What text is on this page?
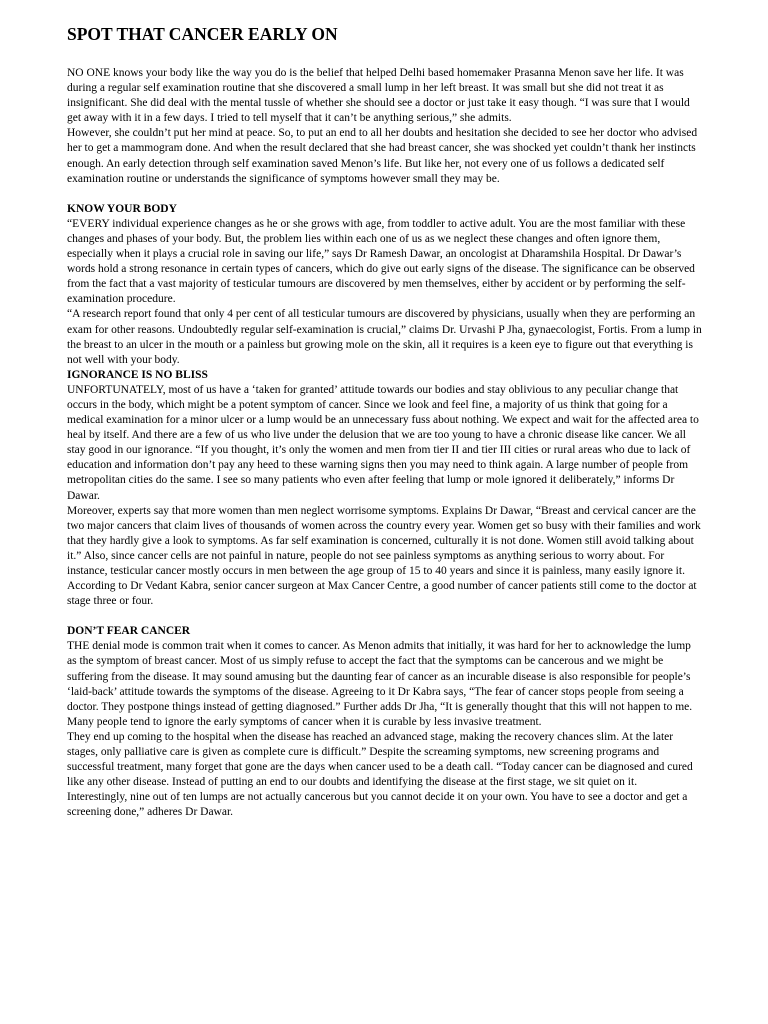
SPOT THAT CANCER EARLY ON

NO ONE knows your body like the way you do is the belief that helped Delhi based homemaker Prasanna Menon save her life. It was during a regular self examination routine that she discovered a small lump in her left breast. It was small but she did not treat it as insignificant. She did deal with the mental tussle of whether she should see a doctor or just take it easy though. “I was sure that I would get away with it in a few days. I tried to tell myself that it can’t be anything serious,” she admits.

However, she couldn’t put her mind at peace. So, to put an end to all her doubts and hesitation she decided to see her doctor who advised her to get a mammogram done. And when the result declared that she had breast cancer, she was shocked yet couldn’t thank her instincts enough. An early detection through self examination saved Menon’s life. But like her, not every one of us follows a dedicated self examination routine or understands the significance of symptoms however small they may be.

KNOW YOUR BODY

“EVERY individual experience changes as he or she grows with age, from toddler to active adult. You are the most familiar with these changes and phases of your body. But, the problem lies within each one of us as we neglect these changes and often ignore them, especially when it plays a crucial role in saving our life,” says Dr Ramesh Dawar, an oncologist at Dharamshila Hospital. Dr Dawar’s words hold a strong resonance in certain types of cancers, which do give out early signs of the disease. The significance can be observed from the fact that a vast majority of testicular tumours are discovered by men themselves, either by accident or by performing the self-examination procedure.

“A research report found that only 4 per cent of all testicular tumours are discovered by physicians, usually when they are performing an exam for other reasons. Undoubtedly regular self-examination is crucial,” claims Dr. Urvashi P Jha, gynaecologist, Fortis. From a lump in the breast to an ulcer in the mouth or a painless but growing mole on the skin, all it requires is a keen eye to figure out that everything is not well with your body.

IGNORANCE IS NO BLISS

UNFORTUNATELY, most of us have a ‘taken for granted’ attitude towards our bodies and stay oblivious to any peculiar change that occurs in the body, which might be a potent symptom of cancer. Since we look and feel fine, a majority of us think that going for a medical examination for a minor ulcer or a lump would be an unnecessary fuss about nothing. We expect and wait for the affected area to heal by itself. And there are a few of us who live under the delusion that we are too young to have a chronic disease like cancer. We all stay good in our ignorance. “If you thought, it’s only the women and men from tier II and tier III cities or rural areas who due to lack of education and information don’t pay any heed to these warning signs then you may need to think again. A large number of people from metropolitan cities do the same. I see so many patients who even after feeling that lump or mole ignored it deliberately,” informs Dr Dawar.

Moreover, experts say that more women than men neglect worrisome symptoms. Explains Dr Dawar, “Breast and cervical cancer are the two major cancers that claim lives of thousands of women across the country every year. Women get so busy with their families and work that they hardly give a look to symptoms. As far self examination is concerned, culturally it is not done. Women still avoid talking about it.” Also, since cancer cells are not painful in nature, people do not see painless symptoms as anything serious to worry about. For instance, testicular cancer mostly occurs in men between the age group of 15 to 40 years and since it is painless, many easily ignore it. According to Dr Vedant Kabra, senior cancer surgeon at Max Cancer Centre, a good number of cancer patients still come to the doctor at stage three or four.

DON’T FEAR CANCER

THE denial mode is common trait when it comes to cancer. As Menon admits that initially, it was hard for her to acknowledge the lump as the symptom of breast cancer. Most of us simply refuse to accept the fact that the symptoms can be cancerous and we might be suffering from the disease. It may sound amusing but the daunting fear of cancer as an incurable disease is also responsible for people’s ‘laid-back’ attitude towards the symptoms of the disease. Agreeing to it Dr Kabra says, “The fear of cancer stops people from seeing a doctor. They postpone things instead of getting diagnosed.” Further adds Dr Jha, “It is generally thought that this will not happen to me. Many people tend to ignore the early symptoms of cancer when it is curable by less invasive treatment.

They end up coming to the hospital when the disease has reached an advanced stage, making the recovery chances slim. At the later stages, only palliative care is given as complete cure is difficult.” Despite the screaming symptoms, new screening programs and successful treatment, many forget that gone are the days when cancer used to be a death call. “Today cancer can be diagnosed and cured like any other disease. Instead of putting an end to our doubts and identifying the disease at the first stage, we sit quiet on it.

Interestingly, nine out of ten lumps are not actually cancerous but you cannot decide it on your own. You have to see a doctor and get a screening done,” adheres Dr Dawar.
